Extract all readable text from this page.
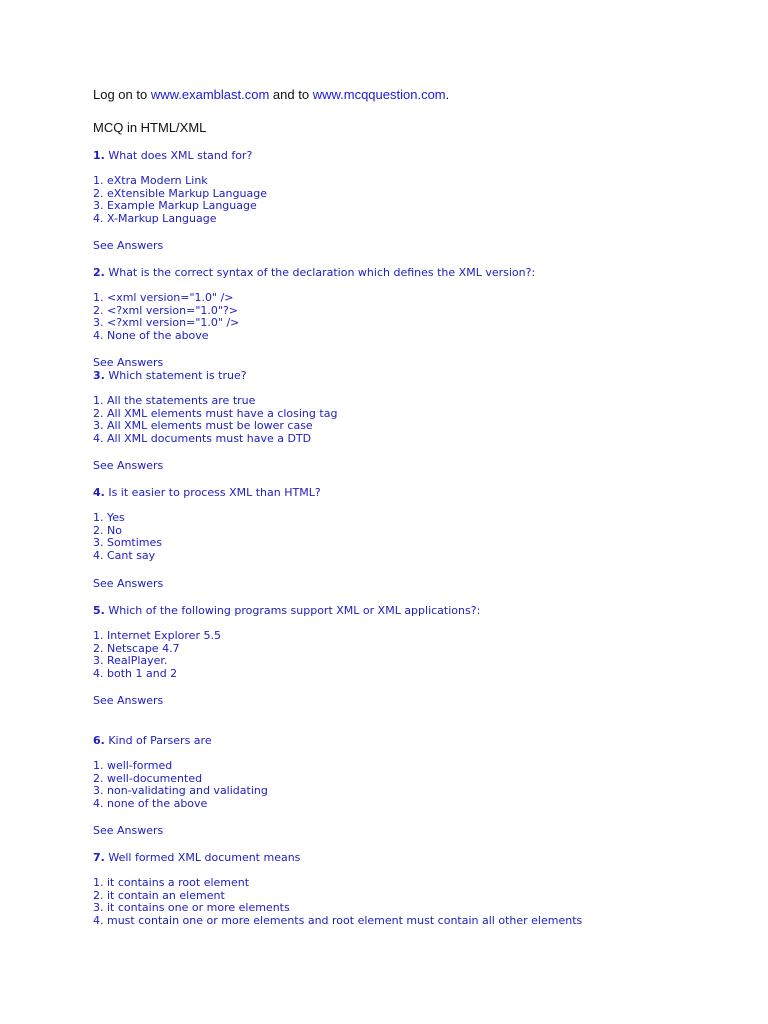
Log on to www.examblast.com and to www.mcqquestion.com.
MCQ in HTML/XML
1. What does XML stand for?
1. eXtra Modern Link
2. eXtensible Markup Language
3. Example Markup Language
4. X-Markup Language
See Answers
2. What is the correct syntax of the declaration which defines the XML version?:
1. <xml version="1.0" />
2. <?xml version="1.0"?>
3. <?xml version="1.0" />
4. None of the above
See Answers
3. Which statement is true?
1. All the statements are true
2. All XML elements must have a closing tag
3. All XML elements must be lower case
4. All XML documents must have a DTD
See Answers
4. Is it easier to process XML than HTML?
1. Yes
2. No
3. Somtimes
4. Cant say
See Answers
5. Which of the following programs support XML or XML applications?:
1. Internet Explorer 5.5
2. Netscape 4.7
3. RealPlayer.
4. both 1 and 2
See Answers
6. Kind of Parsers are
1. well-formed
2. well-documented
3. non-validating and validating
4. none of the above
See Answers
7. Well formed XML document means
1. it contains a root element
2. it contain an element
3. it contains one or more elements
4. must contain one or more elements and root element must contain all other elements
